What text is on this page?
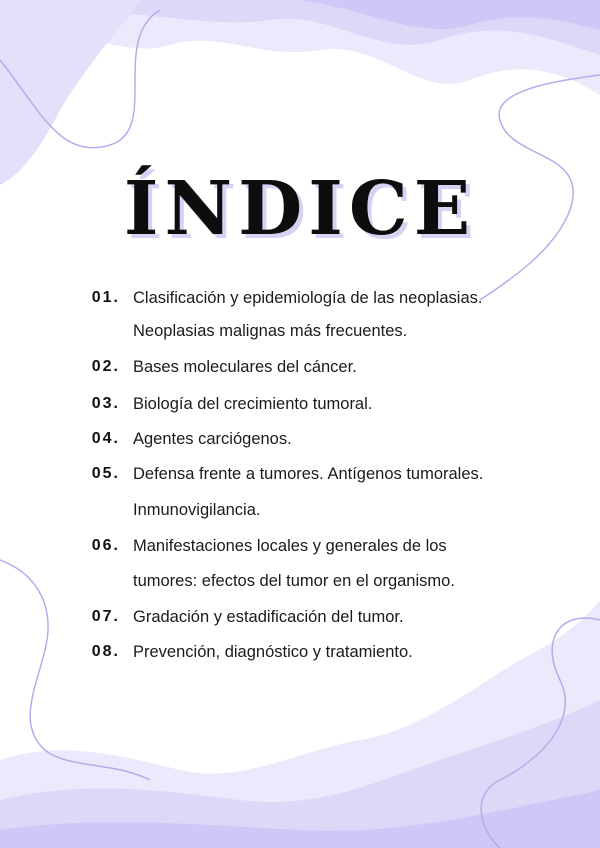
ÍNDICE
01. Clasificación y epidemiología de las neoplasias.
Neoplasias malignas más frecuentes.
02. Bases moleculares del cáncer.
03. Biología del crecimiento tumoral.
04. Agentes carciógenos.
05. Defensa frente a tumores. Antígenos tumorales.
Inmunovigilancia.
06. Manifestaciones locales y generales de los
tumores: efectos del tumor en el organismo.
07. Gradación y estadificación del tumor.
08. Prevención, diagnóstico y tratamiento.
